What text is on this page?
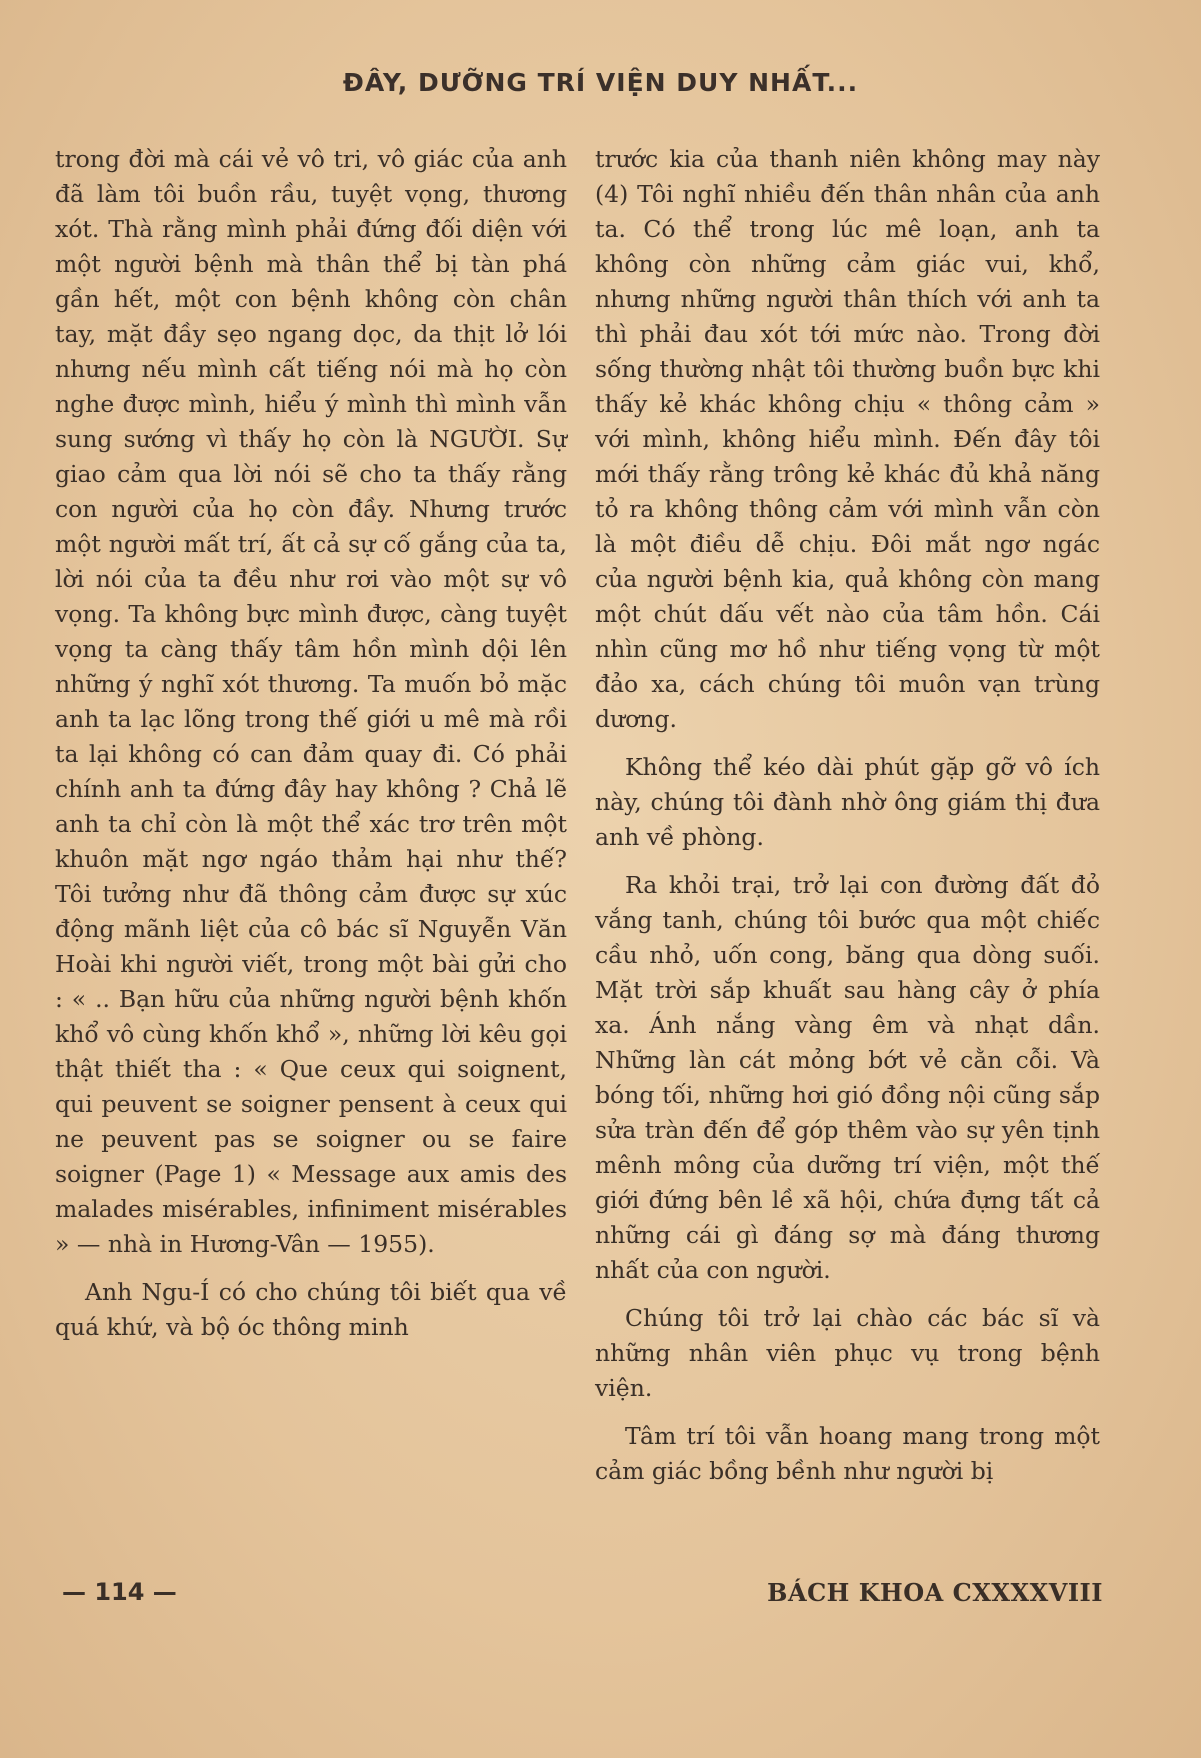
ĐÂY, DƯỠNG TRÍ VIỆN DUY NHẤT...

trong đời mà cái vẻ vô tri, vô giác của anh đã làm tôi buồn rầu, tuyệt vọng, thương xót. Thà rằng mình phải đứng đối diện với một người bệnh mà thân thể bị tàn phá gần hết, một con bệnh không còn chân tay, mặt đầy sẹo ngang dọc, da thịt lở lói nhưng nếu mình cất tiếng nói mà họ còn nghe được mình, hiểu ý mình thì mình vẫn sung sướng vì thấy họ còn là NGƯỜI. Sự giao cảm qua lời nói sẽ cho ta thấy rằng con người của họ còn đầy. Nhưng trước một người mất trí, ất cả sự cố gắng của ta, lời nói của ta đều như rơi vào một sự vô vọng. Ta không bực mình được, càng tuyệt vọng ta càng thấy tâm hồn mình dội lên những ý nghĩ xót thương. Ta muốn bỏ mặc anh ta lạc lõng trong thế giới u mê mà rồi ta lại không có can đảm quay đi. Có phải chính anh ta đứng đây hay không ? Chả lẽ anh ta chỉ còn là một thể xác trơ trên một khuôn mặt ngơ ngáo thảm hại như thế? Tôi tưởng như đã thông cảm được sự xúc động mãnh liệt của cô bác sĩ Nguyễn Văn Hoài khi người viết, trong một bài gửi cho : « .. Bạn hữu của những người bệnh khốn khổ vô cùng khốn khổ », những lời kêu gọi thật thiết tha : « Que ceux qui soignent, qui peuvent se soigner pensent à ceux qui ne peuvent pas se soigner ou se faire soigner (Page 1) « Message aux amis des malades misérables, infiniment misérables » — nhà in Hương-Vân — 1955).

Anh Ngu-Í có cho chúng tôi biết qua về quá khứ, và bộ óc thông minh

trước kia của thanh niên không may này (4) Tôi nghĩ nhiều đến thân nhân của anh ta. Có thể trong lúc mê loạn, anh ta không còn những cảm giác vui, khổ, nhưng những người thân thích với anh ta thì phải đau xót tới mức nào. Trong đời sống thường nhật tôi thường buồn bực khi thấy kẻ khác không chịu « thông cảm » với mình, không hiểu mình. Đến đây tôi mới thấy rằng trông kẻ khác đủ khả năng tỏ ra không thông cảm với mình vẫn còn là một điều dễ chịu. Đôi mắt ngơ ngác của người bệnh kia, quả không còn mang một chút dấu vết nào của tâm hồn. Cái nhìn cũng mơ hồ như tiếng vọng từ một đảo xa, cách chúng tôi muôn vạn trùng dương.

Không thể kéo dài phút gặp gỡ vô ích này, chúng tôi đành nhờ ông giám thị đưa anh về phòng.

Ra khỏi trại, trở lại con đường đất đỏ vắng tanh, chúng tôi bước qua một chiếc cầu nhỏ, uốn cong, băng qua dòng suối. Mặt trời sắp khuất sau hàng cây ở phía xa. Ánh nắng vàng êm và nhạt dần. Những làn cát mỏng bớt vẻ cằn cỗi. Và bóng tối, những hơi gió đồng nội cũng sắp sửa tràn đến để góp thêm vào sự yên tịnh mênh mông của dưỡng trí viện, một thế giới đứng bên lề xã hội, chứa đựng tất cả những cái gì đáng sợ mà đáng thương nhất của con người.

Chúng tôi trở lại chào các bác sĩ và những nhân viên phục vụ trong bệnh viện.

Tâm trí tôi vẫn hoang mang trong một cảm giác bồng bềnh như người bị

— 114 —	BÁCH KHOA CXXXXVIII
